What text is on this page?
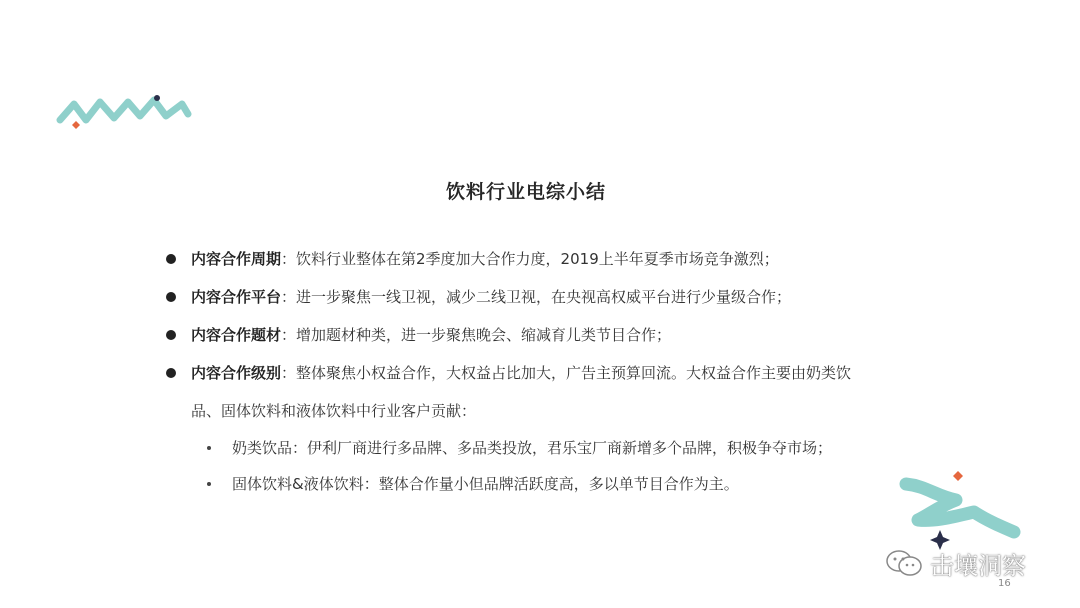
饮料行业电综小结
内容合作周期：饮料行业整体在第2季度加大合作力度，2019上半年夏季市场竞争激烈；
内容合作平台：进一步聚焦一线卫视，减少二线卫视，在央视高权威平台进行少量级合作；
内容合作题材：增加题材种类，进一步聚焦晚会、缩减育儿类节目合作；
内容合作级别：整体聚焦小权益合作，大权益占比加大，广告主预算回流。大权益合作主要由奶类饮
品、固体饮料和液体饮料中行业客户贡献：
奶类饮品：伊利厂商进行多品牌、多品类投放，君乐宝厂商新增多个品牌，积极争夺市场；
固体饮料&液体饮料：整体合作量小但品牌活跃度高，多以单节目合作为主。
击壤洞察
16
